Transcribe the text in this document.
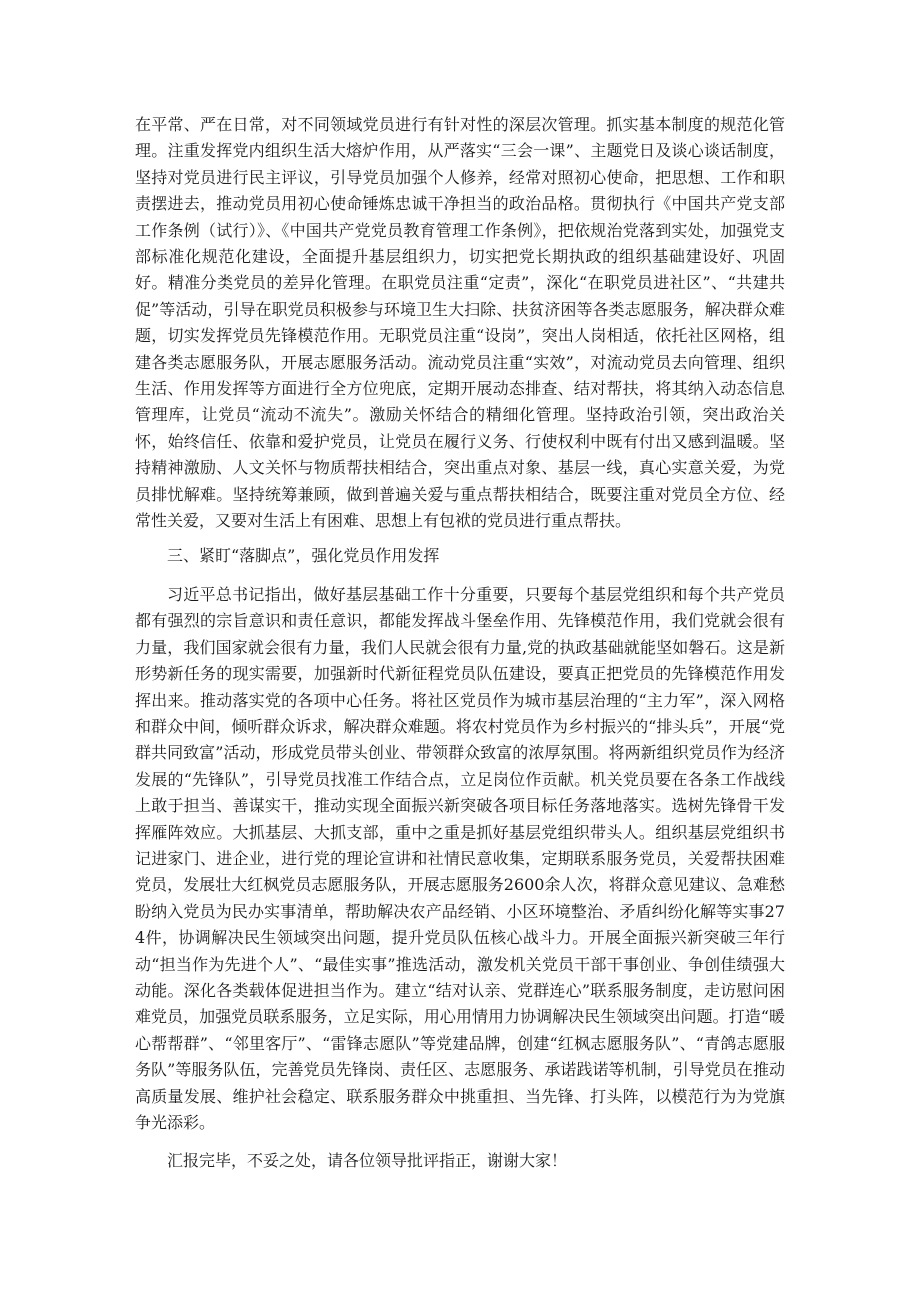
在平常、严在日常，对不同领域党员进行有针对性的深层次管理。抓实基本制度的规范化管理。注重发挥党内组织生活大熔炉作用，从严落实“三会一课”、主题党日及谈心谈话制度，坚持对党员进行民主评议，引导党员加强个人修养，经常对照初心使命，把思想、工作和职责摆进去，推动党员用初心使命锤炼忠诚干净担当的政治品格。贯彻执行《中国共产党支部工作条例（试行）》、《中国共产党党员教育管理工作条例》，把依规治党落到实处，加强党支部标准化规范化建设，全面提升基层组织力，切实把党长期执政的组织基础建设好、巩固好。精准分类党员的差异化管理。在职党员注重“定责”，深化“在职党员进社区”、“共建共促”等活动，引导在职党员积极参与环境卫生大扫除、扶贫济困等各类志愿服务，解决群众难题，切实发挥党员先锋模范作用。无职党员注重“设岗”，突出人岗相适，依托社区网格，组建各类志愿服务队，开展志愿服务活动。流动党员注重“实效”，对流动党员去向管理、组织生活、作用发挥等方面进行全方位兜底，定期开展动态排查、结对帮扶，将其纳入动态信息管理库，让党员“流动不流失”。激励关怀结合的精细化管理。坚持政治引领，突出政治关怀，始终信任、依靠和爱护党员，让党员在履行义务、行使权利中既有付出又感到温暖。坚持精神激励、人文关怀与物质帮扶相结合，突出重点对象、基层一线，真心实意关爱，为党员排忧解难。坚持统筹兼顾，做到普遍关爱与重点帮扶相结合，既要注重对党员全方位、经常性关爱，又要对生活上有困难、思想上有包袱的党员进行重点帮扶。

三、紧盯“落脚点”，强化党员作用发挥

习近平总书记指出，做好基层基础工作十分重要，只要每个基层党组织和每个共产党员都有强烈的宗旨意识和责任意识，都能发挥战斗堡垒作用、先锋模范作用，我们党就会很有力量，我们国家就会很有力量，我们人民就会很有力量,党的执政基础就能坚如磐石。这是新形势新任务的现实需要，加强新时代新征程党员队伍建设，要真正把党员的先锋模范作用发挥出来。推动落实党的各项中心任务。将社区党员作为城市基层治理的“主力军”，深入网格和群众中间，倾听群众诉求，解决群众难题。将农村党员作为乡村振兴的“排头兵”，开展“党群共同致富”活动，形成党员带头创业、带领群众致富的浓厚氛围。将两新组织党员作为经济发展的“先锋队”，引导党员找准工作结合点，立足岗位作贡献。机关党员要在各条工作战线上敢于担当、善谋实干，推动实现全面振兴新突破各项目标任务落地落实。选树先锋骨干发挥雁阵效应。大抓基层、大抓支部，重中之重是抓好基层党组织带头人。组织基层党组织书记进家门、进企业，进行党的理论宣讲和社情民意收集，定期联系服务党员，关爱帮扶困难党员，发展壮大红枫党员志愿服务队，开展志愿服务2600余人次，将群众意见建议、急难愁盼纳入党员为民办实事清单，帮助解决农产品经销、小区环境整治、矛盾纠纷化解等实事274件，协调解决民生领域突出问题，提升党员队伍核心战斗力。开展全面振兴新突破三年行动“担当作为先进个人”、“最佳实事”推选活动，激发机关党员干部干事创业、争创佳绩强大动能。深化各类载体促进担当作为。建立“结对认亲、党群连心”联系服务制度，走访慰问困难党员，加强党员联系服务，立足实际，用心用情用力协调解决民生领域突出问题。打造“暖心帮帮群”、“邻里客厅”、“雷锋志愿队”等党建品牌，创建“红枫志愿服务队”、“青鸽志愿服务队”等服务队伍，完善党员先锋岗、责任区、志愿服务、承诺践诺等机制，引导党员在推动高质量发展、维护社会稳定、联系服务群众中挑重担、当先锋、打头阵，以模范行为为党旗争光添彩。

汇报完毕，不妥之处，请各位领导批评指正，谢谢大家！
